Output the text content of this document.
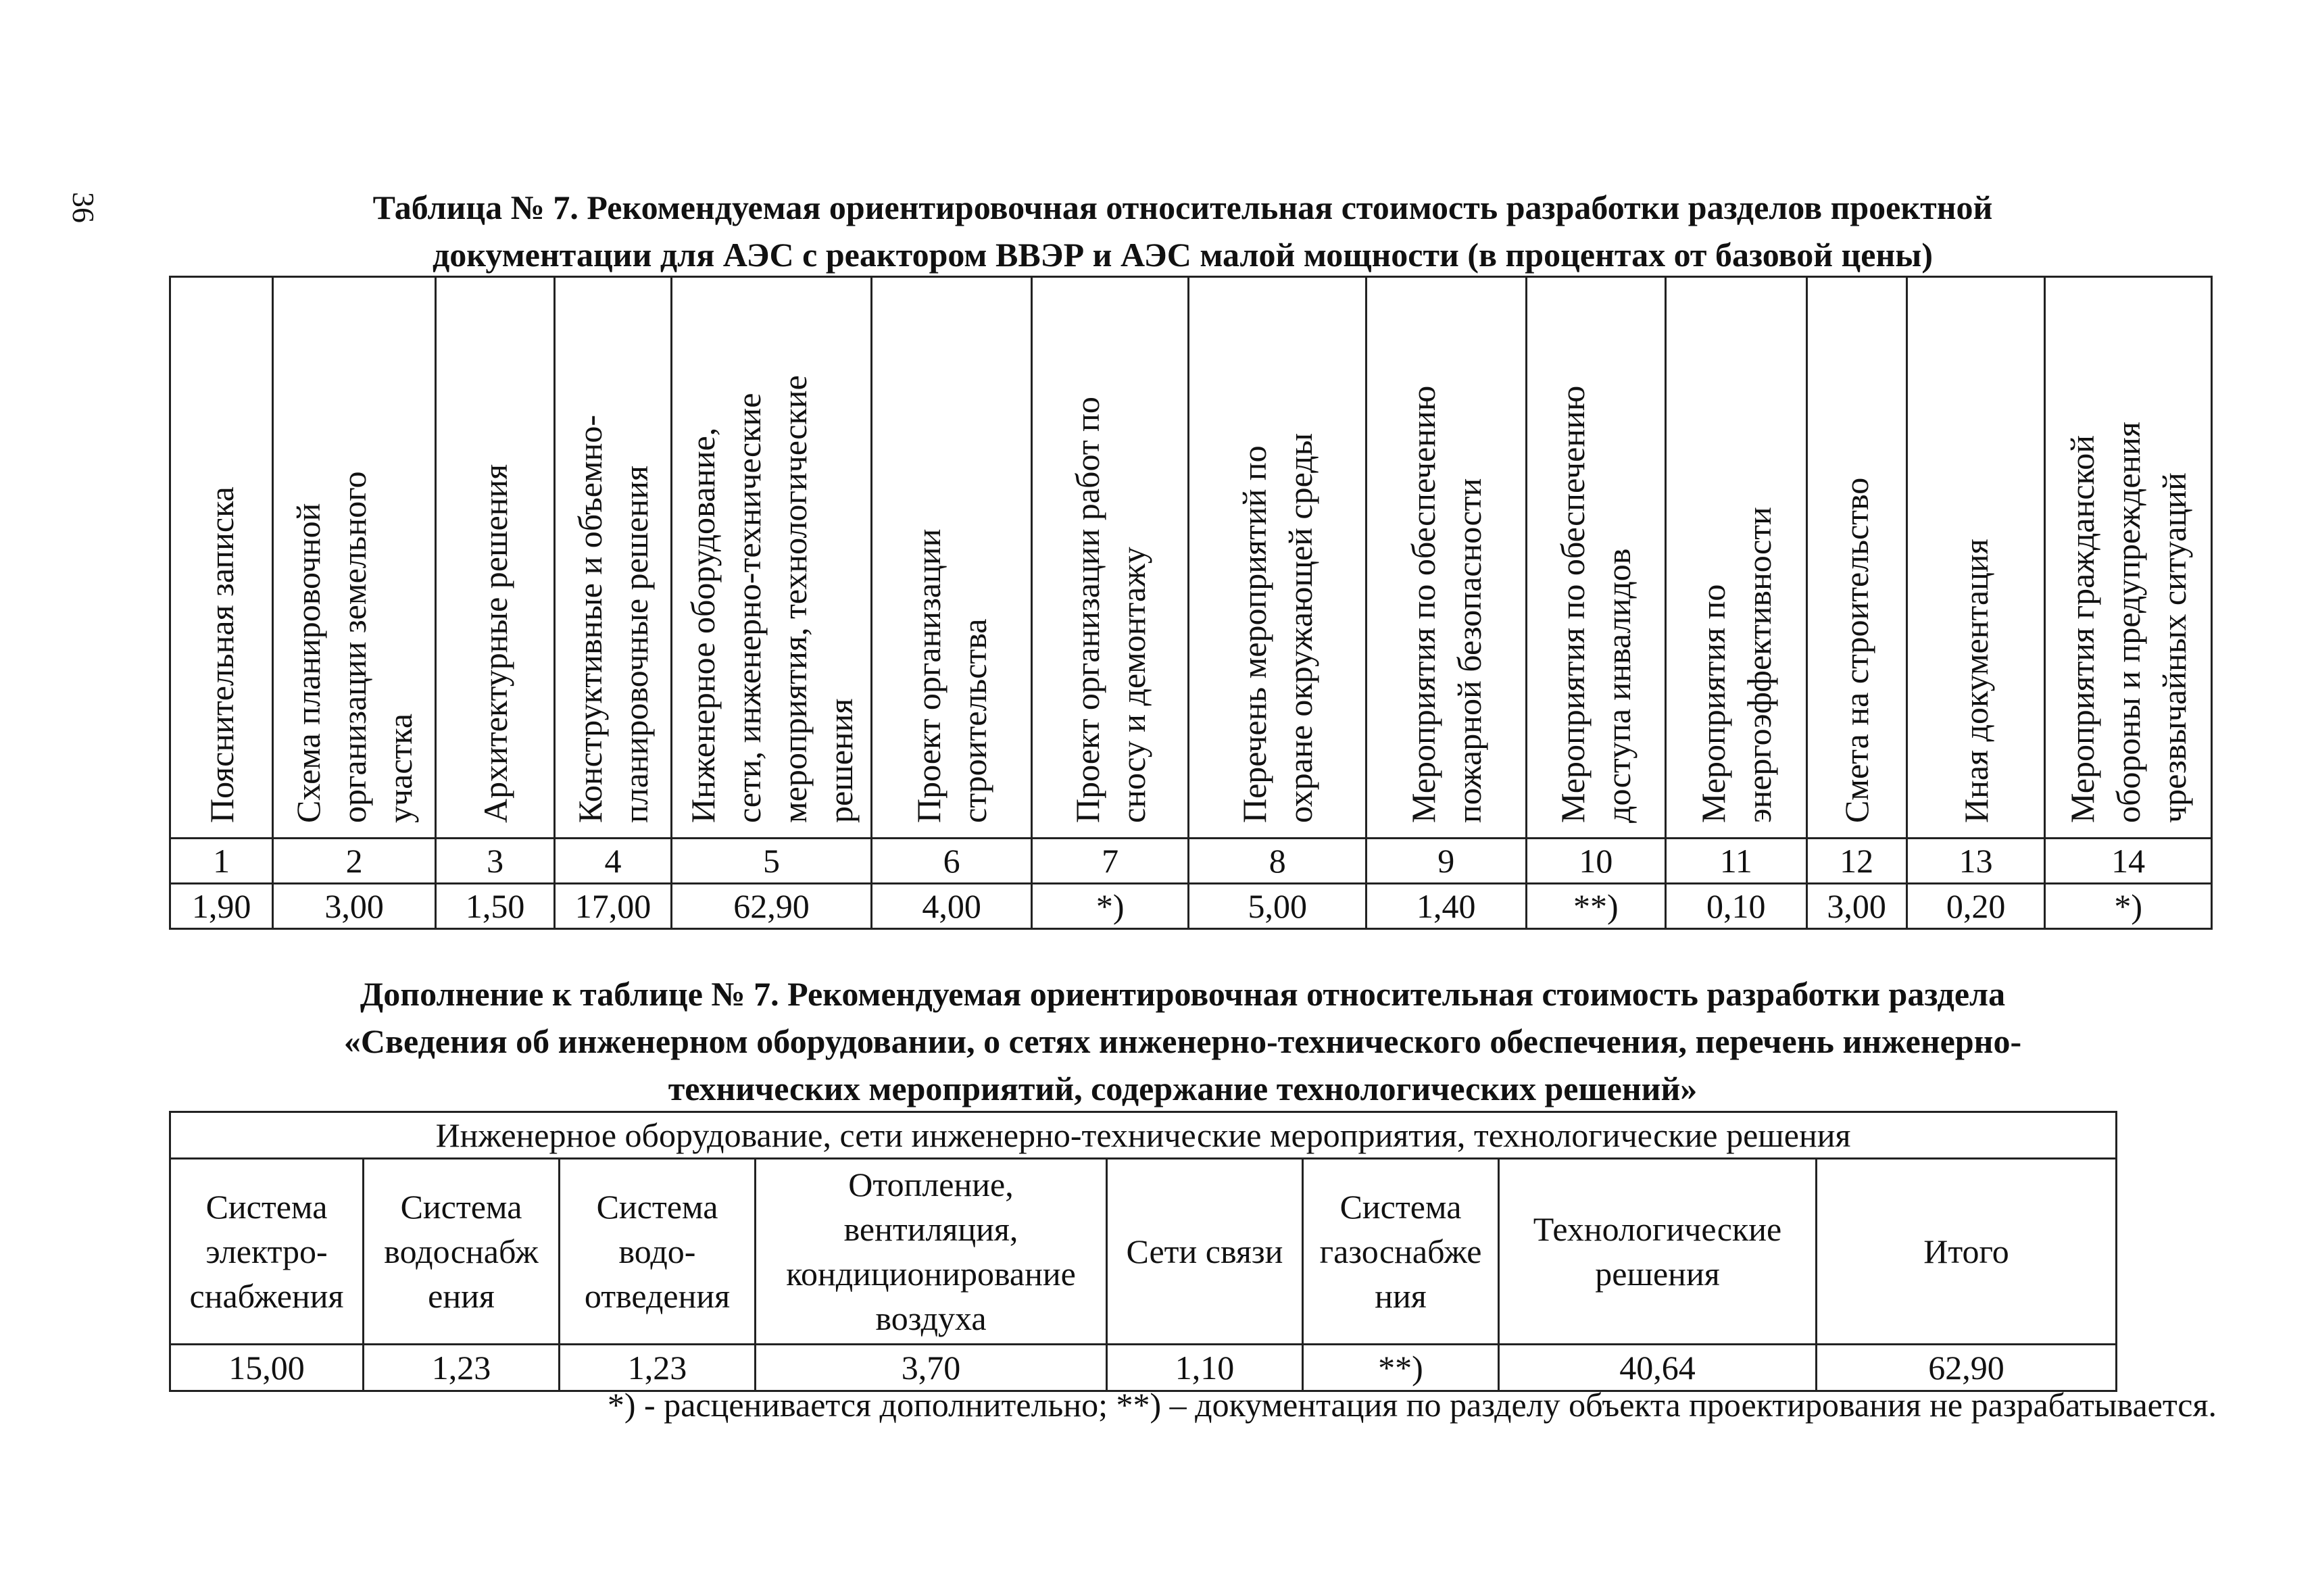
36	Таблица № 7. Рекомендуемая ориентировочная относительная стоимость разработки разделов проектной
документации для АЭС с реактором ВВЭР и АЭС малой мощности (в процентах от базовой цены)
Пояснительная записка	Схема планировочной организации земельного участка	Архитектурные решения	Конструктивные и объемно- планировочные решения	Инженерное оборудование, сети, инженерно-технические мероприятия, технологические решения	Проект организации строительства	Проект организации работ по сносу и демонтажу	Перечень мероприятий по охране окружающей среды	Мероприятия по обеспечению пожарной безопасности	Мероприятия по обеспечению доступа инвалидов	Мероприятия по энергоэффективности	Смета на строительство	Иная документация	Мероприятия гражданской обороны и предупреждения чрезвычайных ситуаций

1	2	3	4	5	6	7	8	9	10	11	12	13	14
1,90	3,00	1,50	17,00	62,90	4,00	*)	5,00	1,40	**)	0,10	3,00	0,20	*)
Дополнение к таблице № 7. Рекомендуемая ориентировочная относительная стоимость разработки раздела
«Сведения об инженерном оборудовании, о сетях инженерно-технического обеспечения, перечень инженерно-
технических мероприятий, содержание технологических решений»
Инженерное оборудование, сети инженерно-технические мероприятия, технологические решения							

Система
электро-
снабжения	Система
водоснабж
ения	Система
водо-
отведения	Отопление,
вентиляция,
кондиционирование
воздуха	Сети связи	Система
газоснабже
ния	Технологические
решения	Итого

15,00	1,23	1,23	3,70	1,10	**)	40,64	62,90
*) - расценивается дополнительно; **) – документация по разделу объекта проектирования не разрабатывается.
